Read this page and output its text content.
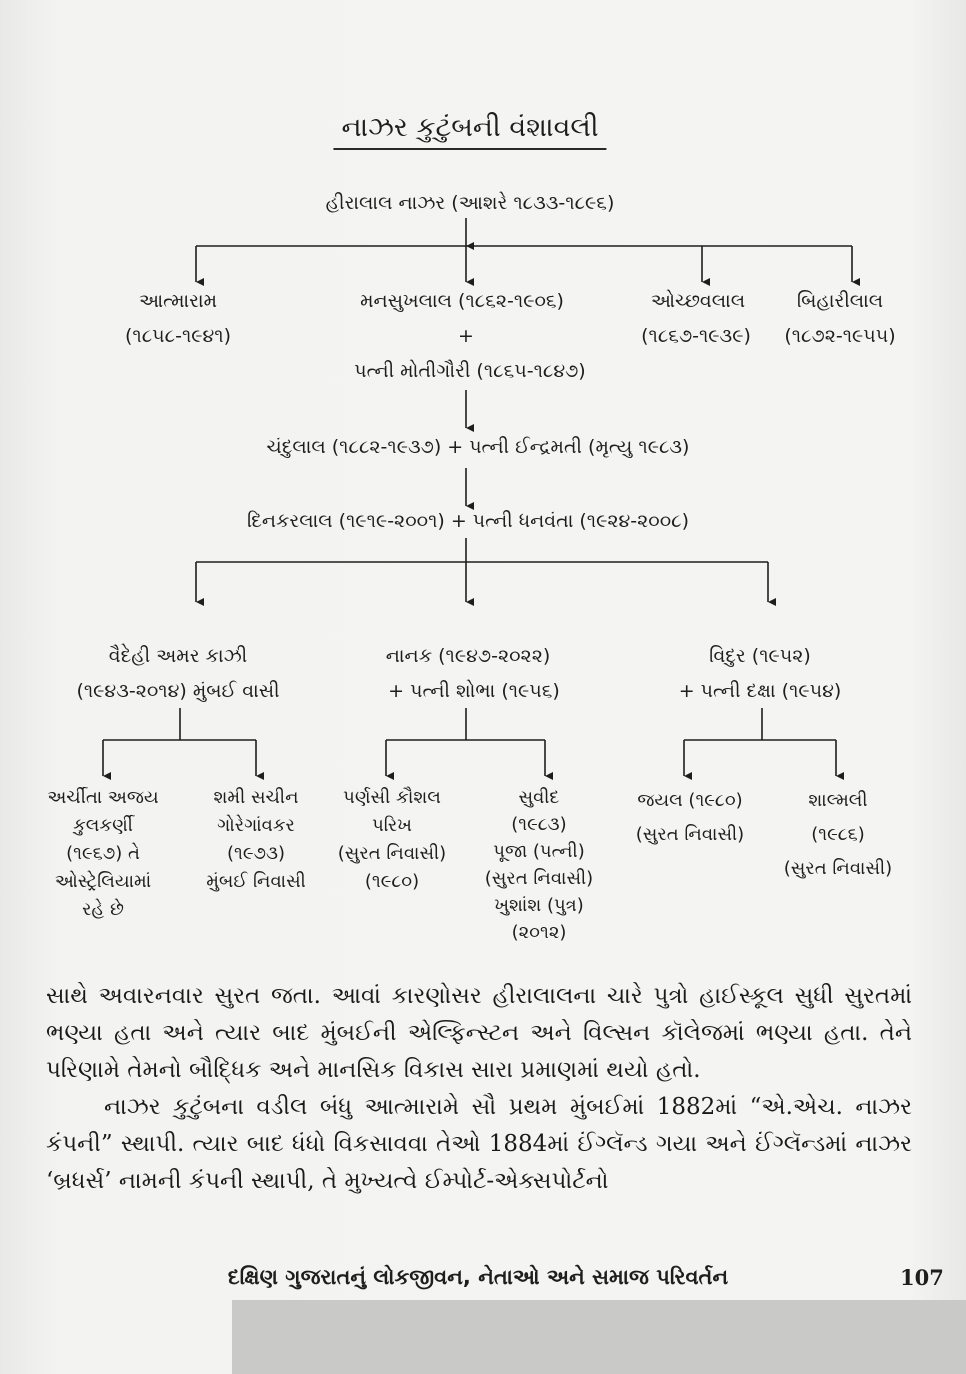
નાઝર કુટુંબની વંશાવલી
હીરાલાલ નાઝર (આશરે ૧૮૩૩-૧૮૯૬)
આત્મારામ
(૧૮૫૮-૧૯૪૧)
મનસુખલાલ (૧૮૬૨-૧૯૦૬)
+
પત્ની મોતીગૌરી (૧૮૬૫-૧૮૪૭)
ઓચ્છવલાલ
(૧૮૬૭-૧૯૩૯)
બિહારીલાલ
(૧૮૭૨-૧૯૫૫)
ચંદુલાલ (૧૮૮૨-૧૯૩૭) + પત્ની ઈન્દ્રમતી (મૃત્યુ ૧૯૮૩)
દિનકરલાલ (૧૯૧૯-૨૦૦૧) + પત્ની ધનવંતા (૧૯૨૪-૨૦૦૮)
વૈદેહી અમર કાઝી
(૧૯૪૩-૨૦૧૪) મુંબઈ વાસી
નાનક (૧૯૪૭-૨૦૨૨)
+ પત્ની શોભા (૧૯૫૬)
વિદુર (૧૯૫૨)
+ પત્ની દક્ષા (૧૯૫૪)
અર્ચીતા અજય
કુલકર્ણી
(૧૯૬૭) તે
ઓસ્ટ્રેલિયામાં
રહે છે
શમી સચીન
ગોરેગાંવકર
(૧૯૭૩)
મુંબઈ નિવાસી
પર્ણસી કૌશલ
પરિખ
(સુરત નિવાસી)
(૧૯૮૦)
સુવીદ
(૧૯૮૩)
પૂજા (પત્ની)
(સુરત નિવાસી)
ખુશાંશ (પુત્ર)
(૨૦૧૨)
જયલ (૧૯૮૦)
(સુરત નિવાસી)
શાલ્મલી
(૧૯૮૬)
(સુરત નિવાસી)

સાથે અવારનવાર સુરત જતા. આવાં કારણોસર હીરાલાલના ચારે પુત્રો હાઈસ્કૂલ સુધી સુરતમાં ભણ્યા હતા અને ત્યાર બાદ મુંબઈની એલ્ફિન્સ્ટન અને વિલ્સન કૉલેજમાં ભણ્યા હતા. તેને પરિણામે તેમનો બૌદ્ધિક અને માનસિક વિકાસ સારા પ્રમાણમાં થયો હતો.

નાઝર કુટુંબના વડીલ બંધુ આત્મારામે સૌ પ્રથમ મુંબઈમાં 1882માં “એ.એચ. નાઝર કંપની” સ્થાપી. ત્યાર બાદ ધંધો વિકસાવવા તેઓ 1884માં ઈંગ્લૅન્ડ ગયા અને ઈંગ્લૅન્ડમાં નાઝર ‘બ્રધર્સ’ નામની કંપની સ્થાપી, તે મુખ્યત્વે ઈમ્પોર્ટ-એક્સપોર્ટનો

દક્ષિણ ગુજરાતનું લોકજીવન, નેતાઓ અને સમાજ પરિવર્તન	107
